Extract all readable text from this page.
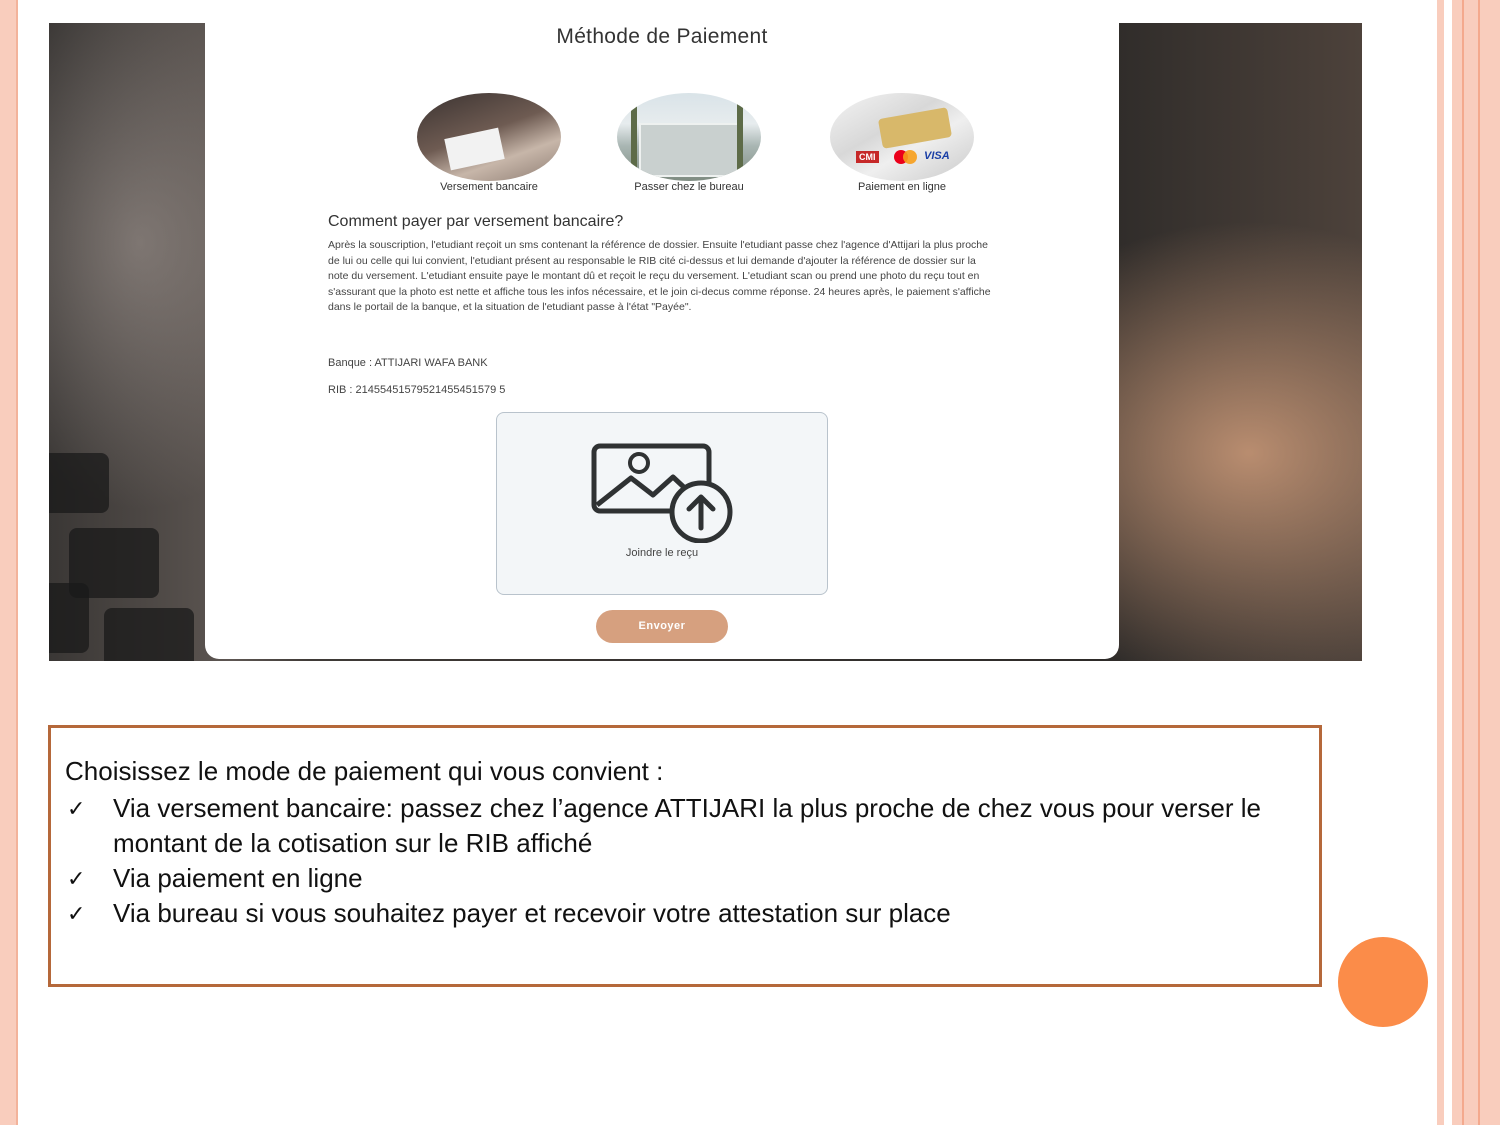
Méthode de Paiement
Versement bancaire	Passer chez le bureau
CMI	VISA
Paiement en ligne
Comment payer par versement bancaire?
Après la souscription, l'etudiant reçoit un sms contenant la référence de dossier. Ensuite l'etudiant passe chez l'agence d'Attijari la plus proche de lui ou celle qui lui convient, l'etudiant présent au responsable le RIB cité ci-dessus et lui demande d'ajouter la référence de dossier sur la note du versement. L'etudiant ensuite paye le montant dû et reçoit le reçu du versement. L'etudiant scan ou prend une photo du reçu tout en s'assurant que la photo est nette et affiche tous les infos nécessaire, et le join ci-decus comme réponse. 24 heures après, le paiement s'affiche dans le portail de la banque, et la situation de l'etudiant passe à l'état "Payée".
Banque : ATTIJARI WAFA BANK
RIB : 21455451579521455451579 5
Joindre le reçu
Envoyer
Choisissez le mode de paiement qui vous convient :
✓ Via versement bancaire: passez chez l’agence ATTIJARI la plus proche de chez vous pour verser le montant de la cotisation sur le RIB affiché
✓ Via paiement en ligne
✓ Via bureau si vous souhaitez payer et recevoir votre attestation sur place
